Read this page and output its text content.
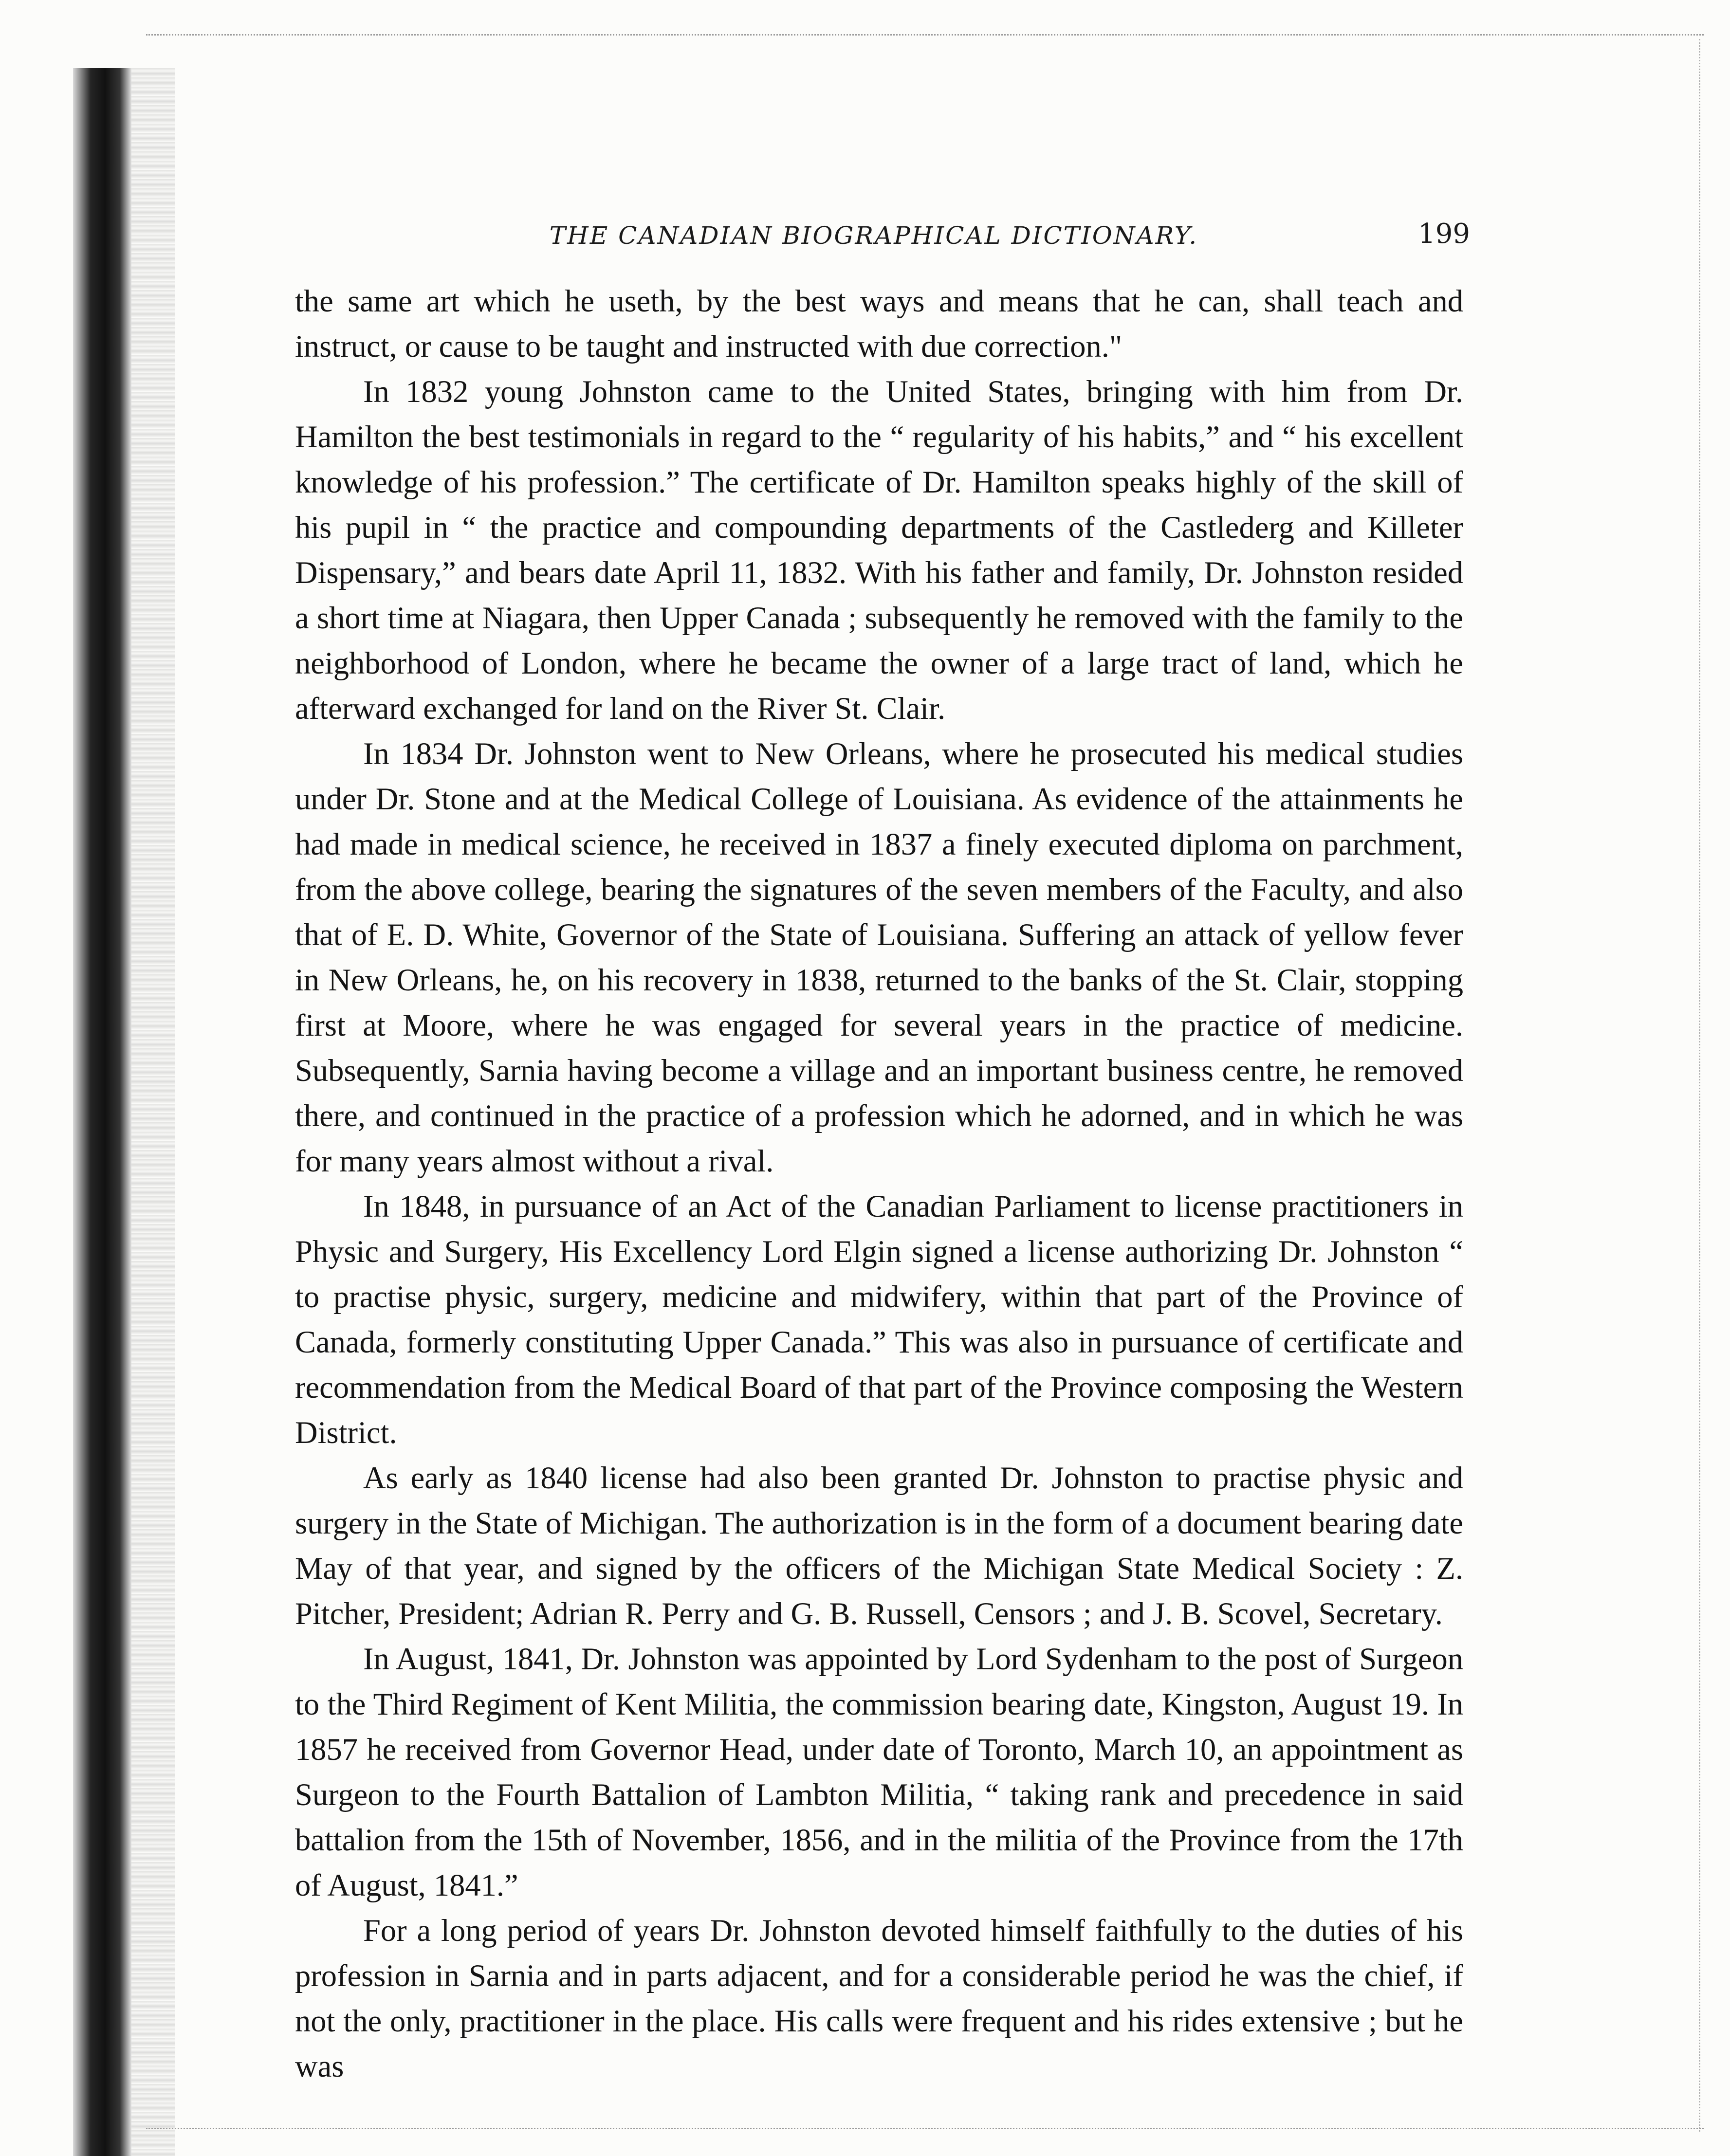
THE CANADIAN BIOGRAPHICAL DICTIONARY.	199

the same art which he useth, by the best ways and means that he can, shall teach and instruct, or cause to be taught and instructed with due correction."

In 1832 young Johnston came to the United States, bringing with him from Dr. Hamilton the best testimonials in regard to the “ regularity of his habits,” and “ his excellent knowledge of his profession.” The certificate of Dr. Hamilton speaks highly of the skill of his pupil in “ the practice and compounding departments of the Castlederg and Killeter Dispensary,” and bears date April 11, 1832. With his father and family, Dr. Johnston resided a short time at Niagara, then Upper Canada ; subsequently he removed with the family to the neighborhood of London, where he became the owner of a large tract of land, which he afterward exchanged for land on the River St. Clair.

In 1834 Dr. Johnston went to New Orleans, where he prosecuted his medical studies under Dr. Stone and at the Medical College of Louisiana. As evidence of the attainments he had made in medical science, he received in 1837 a finely executed diploma on parchment, from the above college, bearing the signatures of the seven members of the Faculty, and also that of E. D. White, Governor of the State of Louisiana. Suffering an attack of yellow fever in New Orleans, he, on his recovery in 1838, returned to the banks of the St. Clair, stopping first at Moore, where he was engaged for several years in the practice of medicine. Subsequently, Sarnia having become a village and an important business centre, he removed there, and continued in the practice of a profession which he adorned, and in which he was for many years almost without a rival.

In 1848, in pursuance of an Act of the Canadian Parliament to license practitioners in Physic and Surgery, His Excellency Lord Elgin signed a license authorizing Dr. Johnston “ to practise physic, surgery, medicine and midwifery, within that part of the Province of Canada, formerly constituting Upper Canada.” This was also in pursuance of certificate and recommendation from the Medical Board of that part of the Province composing the Western District.

As early as 1840 license had also been granted Dr. Johnston to practise physic and surgery in the State of Michigan. The authorization is in the form of a document bearing date May of that year, and signed by the officers of the Michigan State Medical Society : Z. Pitcher, President; Adrian R. Perry and G. B. Russell, Censors ; and J. B. Scovel, Secretary.

In August, 1841, Dr. Johnston was appointed by Lord Sydenham to the post of Surgeon to the Third Regiment of Kent Militia, the commission bearing date, Kingston, August 19. In 1857 he received from Governor Head, under date of Toronto, March 10, an appointment as Surgeon to the Fourth Battalion of Lambton Militia, “ taking rank and precedence in said battalion from the 15th of November, 1856, and in the militia of the Province from the 17th of August, 1841.”

For a long period of years Dr. Johnston devoted himself faithfully to the duties of his profession in Sarnia and in parts adjacent, and for a considerable period he was the chief, if not the only, practitioner in the place. His calls were frequent and his rides extensive ; but he was
